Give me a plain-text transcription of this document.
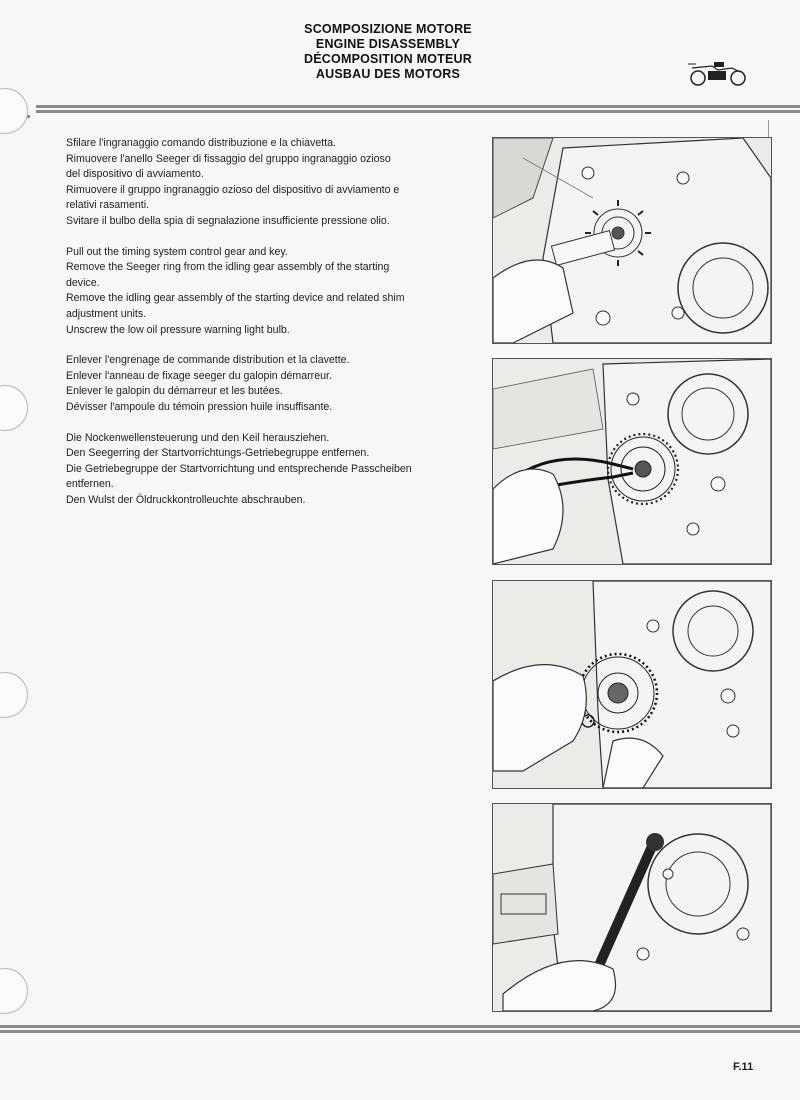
SCOMPOSIZIONE MOTORE
ENGINE DISASSEMBLY
DÉCOMPOSITION MOTEUR
AUSBAU DES MOTORS

Sfilare l'ingranaggio comando distribuzione e la chiavetta.
Rimuovere l'anello Seeger di fissaggio del gruppo ingranaggio ozioso
del dispositivo di avviamento.
Rimuovere il gruppo ingranaggio ozioso del dispositivo di avviamento e
relativi rasamenti.
Svitare il bulbo della spia di segnalazione insufficiente pressione olio.

Pull out the timing system control gear and key.
Remove the Seeger ring from the idling gear assembly of the starting
device.
Remove the idling gear assembly of the starting device and related shim
adjustment units.
Unscrew the low oil pressure warning light bulb.

Enlever l'engrenage de commande distribution et la clavette.
Enlever l'anneau de fixage seeger du galopin démarreur.
Enlever le galopin du démarreur et les butées.
Dévisser l'ampoule du témoin pression huile insuffisante.

Die Nockenwellensteuerung und den Keil herausziehen.
Den Seegerring der Startvorrichtungs-Getriebegruppe entfernen.
Die Getriebegruppe der Startvorrichtung und entsprechende Passcheiben
entfernen.
Den Wulst der Öldruckkontrolleuchte abschrauben.

F.11
